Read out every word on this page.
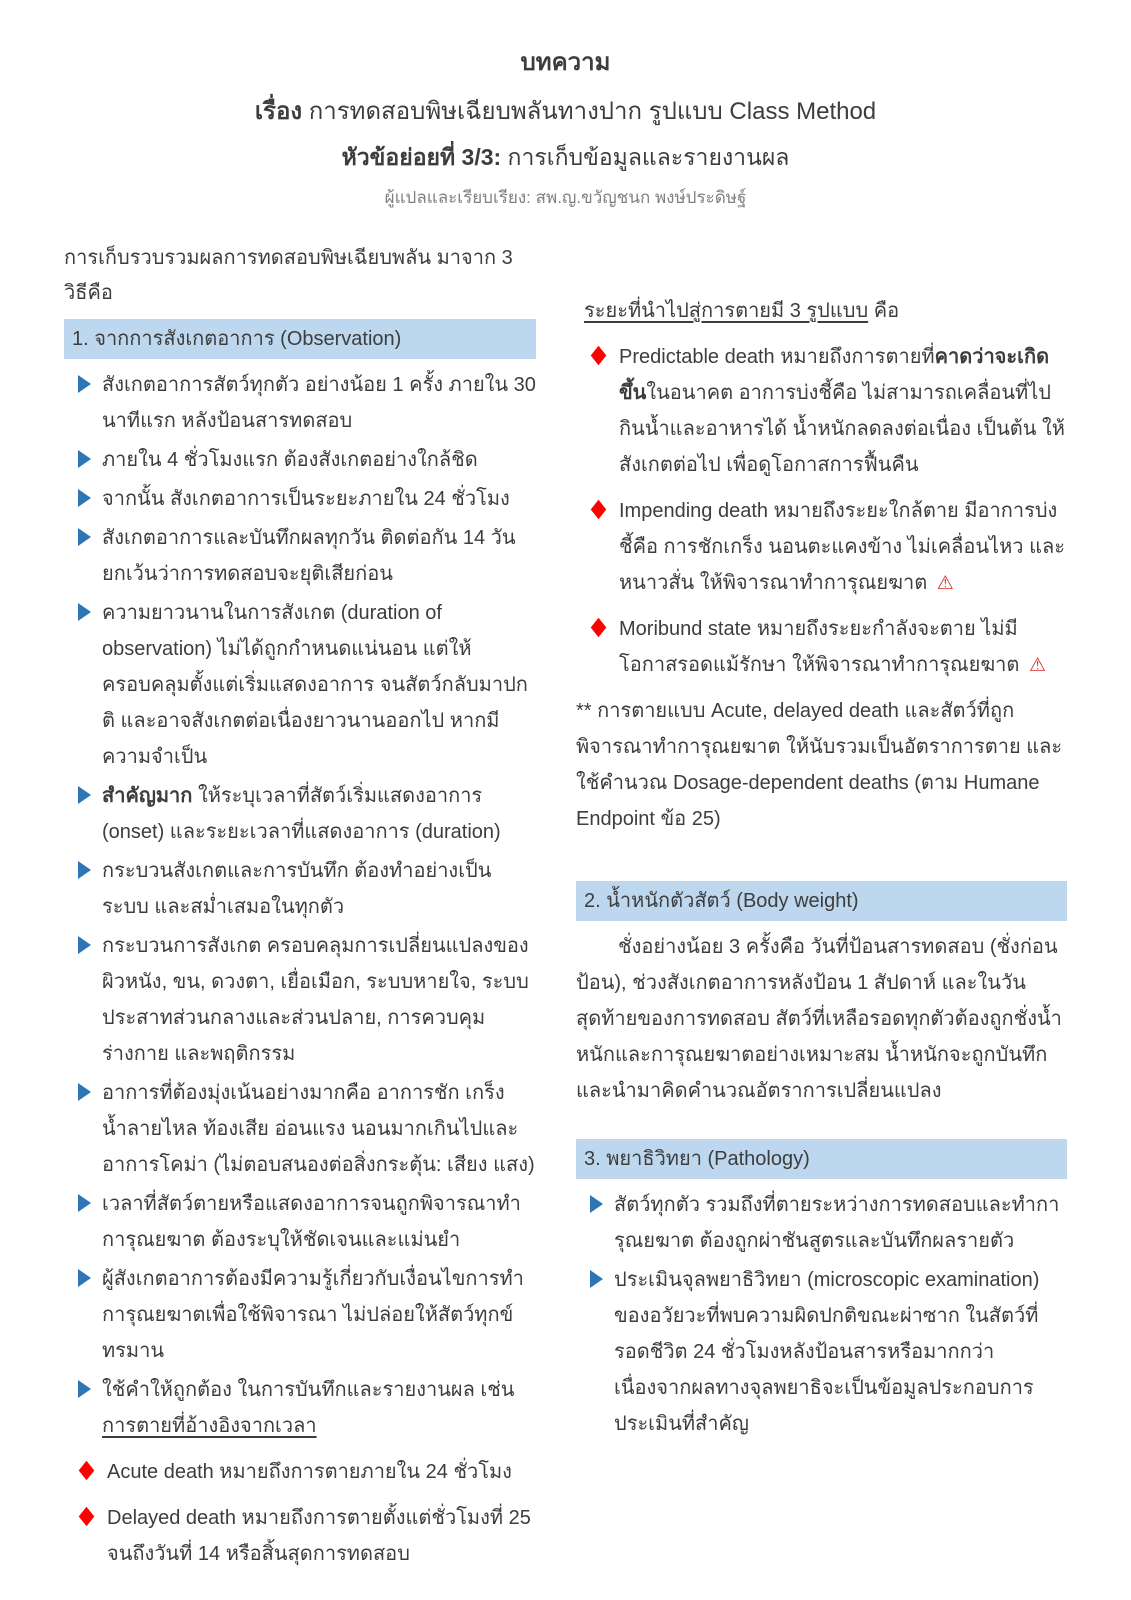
บทความ

เรื่อง การทดสอบพิษเฉียบพลันทางปาก รูปแบบ Class Method

หัวข้อย่อยที่ 3/3: การเก็บข้อมูลและรายงานผล

ผู้แปลและเรียบเรียง: สพ.ญ.ขวัญชนก พงษ์ประดิษฐ์

การเก็บรวบรวมผลการทดสอบพิษเฉียบพลัน มาจาก 3 วิธีคือ

1. จากการสังเกตอาการ (Observation)

สังเกตอาการสัตว์ทุกตัว อย่างน้อย 1 ครั้ง ภายใน 30 นาทีแรก หลังป้อนสารทดสอบ

ภายใน 4 ชั่วโมงแรก ต้องสังเกตอย่างใกล้ชิด

จากนั้น สังเกตอาการเป็นระยะภายใน 24 ชั่วโมง

สังเกตอาการและบันทึกผลทุกวัน ติดต่อกัน 14 วัน ยกเว้นว่าการทดสอบจะยุติเสียก่อน

ความยาวนานในการสังเกต (duration of observation) ไม่ได้ถูกกำหนดแน่นอน แต่ให้ครอบคลุมตั้งแต่เริ่มแสดงอาการ จนสัตว์กลับมาปกติ และอาจสังเกตต่อเนื่องยาวนานออกไป หากมีความจำเป็น

สำคัญมาก ให้ระบุเวลาที่สัตว์เริ่มแสดงอาการ (onset) และระยะเวลาที่แสดงอาการ (duration)

กระบวนสังเกตและการบันทึก ต้องทำอย่างเป็นระบบ และสม่ำเสมอในทุกตัว

กระบวนการสังเกต ครอบคลุมการเปลี่ยนแปลงของ ผิวหนัง, ขน, ดวงตา, เยื่อเมือก, ระบบหายใจ, ระบบประสาทส่วนกลางและส่วนปลาย, การควบคุมร่างกาย และพฤติกรรม

อาการที่ต้องมุ่งเน้นอย่างมากคือ อาการชัก เกร็ง น้ำลายไหล ท้องเสีย อ่อนแรง นอนมากเกินไปและ อาการโคม่า (ไม่ตอบสนองต่อสิ่งกระตุ้น: เสียง แสง)

เวลาที่สัตว์ตายหรือแสดงอาการจนถูกพิจารณาทำการุณยฆาต ต้องระบุให้ชัดเจนและแม่นยำ

ผู้สังเกตอาการต้องมีความรู้เกี่ยวกับเงื่อนไขการทำการุณยฆาตเพื่อใช้พิจารณา ไม่ปล่อยให้สัตว์ทุกข์ทรมาน

ใช้คำให้ถูกต้อง ในการบันทึกและรายงานผล เช่น การตายที่อ้างอิงจากเวลา

Acute death หมายถึงการตายภายใน 24 ชั่วโมง

Delayed death หมายถึงการตายตั้งแต่ชั่วโมงที่ 25 จนถึงวันที่ 14 หรือสิ้นสุดการทดสอบ

ระยะที่นำไปสู่การตายมี 3 รูปแบบ คือ

Predictable death หมายถึงการตายที่คาดว่าจะเกิดขึ้นในอนาคต อาการบ่งชี้คือ ไม่สามารถเคลื่อนที่ไปกินน้ำและอาหารได้ น้ำหนักลดลงต่อเนื่อง เป็นต้น ให้สังเกตต่อไป เพื่อดูโอกาสการฟื้นคืน

Impending death หมายถึงระยะใกล้ตาย มีอาการบ่งชี้คือ การชักเกร็ง นอนตะแคงข้าง ไม่เคลื่อนไหว และหนาวสั่น ให้พิจารณาทำการุณยฆาต ⚠

Moribund state หมายถึงระยะกำลังจะตาย ไม่มีโอกาสรอดแม้รักษา ให้พิจารณาทำการุณยฆาต ⚠

** การตายแบบ Acute, delayed death และสัตว์ที่ถูกพิจารณาทำการุณยฆาต ให้นับรวมเป็นอัตราการตาย และใช้คำนวณ Dosage-dependent deaths (ตาม Humane Endpoint ข้อ 25)

2. น้ำหนักตัวสัตว์ (Body weight)

ชั่งอย่างน้อย 3 ครั้งคือ วันที่ป้อนสารทดสอบ (ชั่งก่อนป้อน), ช่วงสังเกตอาการหลังป้อน 1 สัปดาห์ และในวันสุดท้ายของการทดสอบ สัตว์ที่เหลือรอดทุกตัวต้องถูกชั่งน้ำหนักและการุณยฆาตอย่างเหมาะสม น้ำหนักจะถูกบันทึกและนำมาคิดคำนวณอัตราการเปลี่ยนแปลง

3. พยาธิวิทยา (Pathology)

สัตว์ทุกตัว รวมถึงที่ตายระหว่างการทดสอบและทำการุณยฆาต ต้องถูกผ่าชันสูตรและบันทึกผลรายตัว

ประเมินจุลพยาธิวิทยา (microscopic examination) ของอวัยวะที่พบความผิดปกติขณะผ่าซาก ในสัตว์ที่รอดชีวิต 24 ชั่วโมงหลังป้อนสารหรือมากกว่า เนื่องจากผลทางจุลพยาธิจะเป็นข้อมูลประกอบการประเมินที่สำคัญ
